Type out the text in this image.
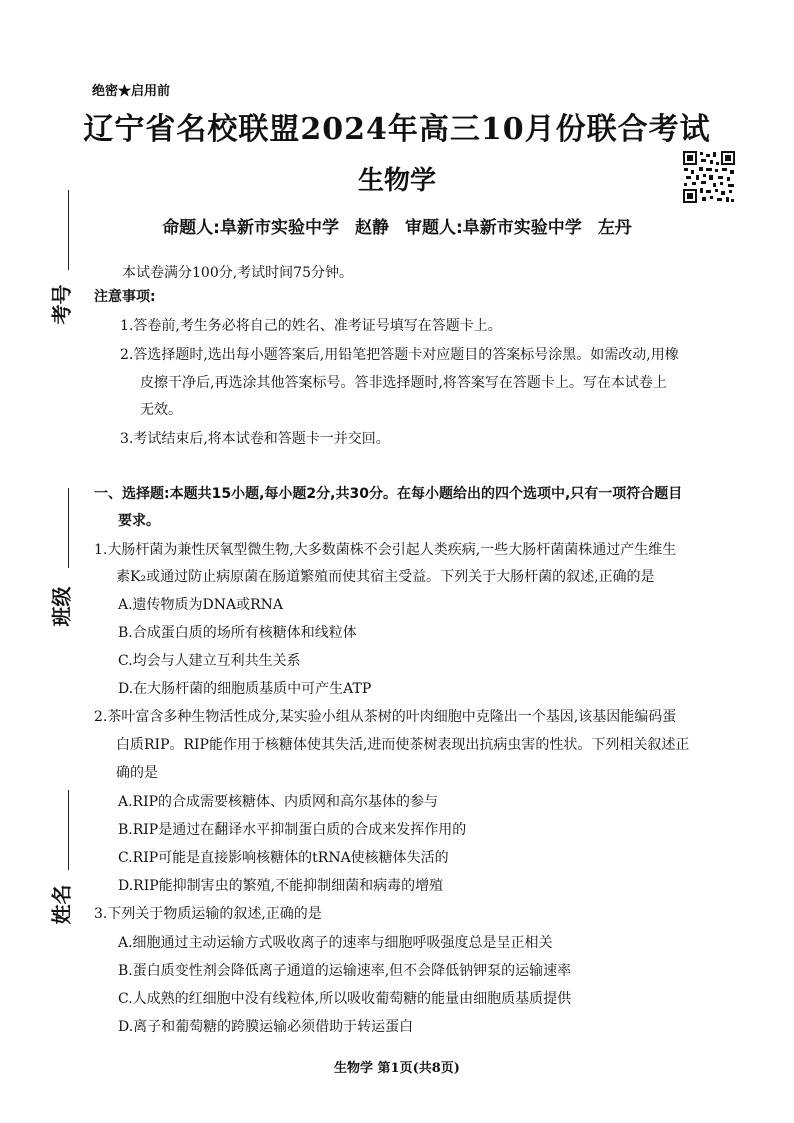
绝密★启用前
辽宁省名校联盟2024年高三10月份联合考试
生物学
命题人:阜新市实验中学 赵静 审题人:阜新市实验中学 左丹
考号
班级
姓名
本试卷满分100分,考试时间75分钟。
注意事项:
1.答卷前,考生务必将自己的姓名、准考证号填写在答题卡上。
2.答选择题时,选出每小题答案后,用铅笔把答题卡对应题目的答案标号涂黑。如需改动,用橡
皮擦干净后,再选涂其他答案标号。答非选择题时,将答案写在答题卡上。写在本试卷上
无效。
3.考试结束后,将本试卷和答题卡一并交回。
一、选择题:本题共15小题,每小题2分,共30分。在每小题给出的四个选项中,只有一项符合题目
要求。
1.大肠杆菌为兼性厌氧型微生物,大多数菌株不会引起人类疾病,一些大肠杆菌菌株通过产生维生
素K₂或通过防止病原菌在肠道繁殖而使其宿主受益。下列关于大肠杆菌的叙述,正确的是
A.遗传物质为DNA或RNA
B.合成蛋白质的场所有核糖体和线粒体
C.均会与人建立互利共生关系
D.在大肠杆菌的细胞质基质中可产生ATP
2.茶叶富含多种生物活性成分,某实验小组从茶树的叶肉细胞中克隆出一个基因,该基因能编码蛋
白质RIP。RIP能作用于核糖体使其失活,进而使茶树表现出抗病虫害的性状。下列相关叙述正
确的是
A.RIP的合成需要核糖体、内质网和高尔基体的参与
B.RIP是通过在翻译水平抑制蛋白质的合成来发挥作用的
C.RIP可能是直接影响核糖体的tRNA使核糖体失活的
D.RIP能抑制害虫的繁殖,不能抑制细菌和病毒的增殖
3.下列关于物质运输的叙述,正确的是
A.细胞通过主动运输方式吸收离子的速率与细胞呼吸强度总是呈正相关
B.蛋白质变性剂会降低离子通道的运输速率,但不会降低钠钾泵的运输速率
C.人成熟的红细胞中没有线粒体,所以吸收葡萄糖的能量由细胞质基质提供
D.离子和葡萄糖的跨膜运输必须借助于转运蛋白
生物学 第1页(共8页)
